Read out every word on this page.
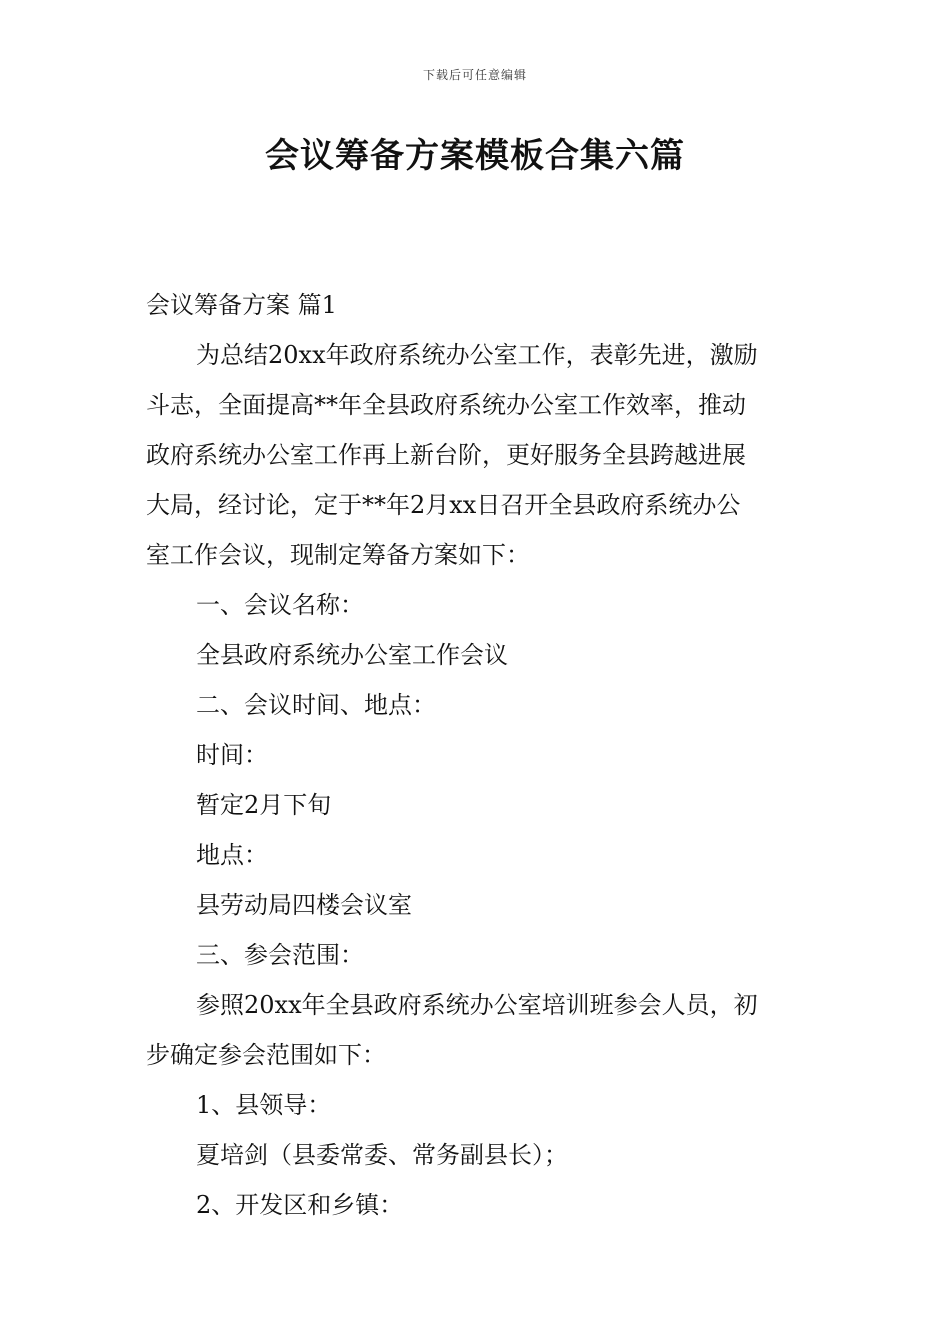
下载后可任意编辑
会议筹备方案模板合集六篇
会议筹备方案 篇1
为总结20xx年政府系统办公室工作，表彰先进，激励
斗志，全面提高**年全县政府系统办公室工作效率，推动
政府系统办公室工作再上新台阶，更好服务全县跨越进展
大局，经讨论，定于**年2月xx日召开全县政府系统办公
室工作会议，现制定筹备方案如下：
一、会议名称：
全县政府系统办公室工作会议
二、会议时间、地点：
时间：
暂定2月下旬
地点：
县劳动局四楼会议室
三、参会范围：
参照20xx年全县政府系统办公室培训班参会人员，初
步确定参会范围如下：
1、县领导：
夏培剑（县委常委、常务副县长）；
2、开发区和乡镇：
